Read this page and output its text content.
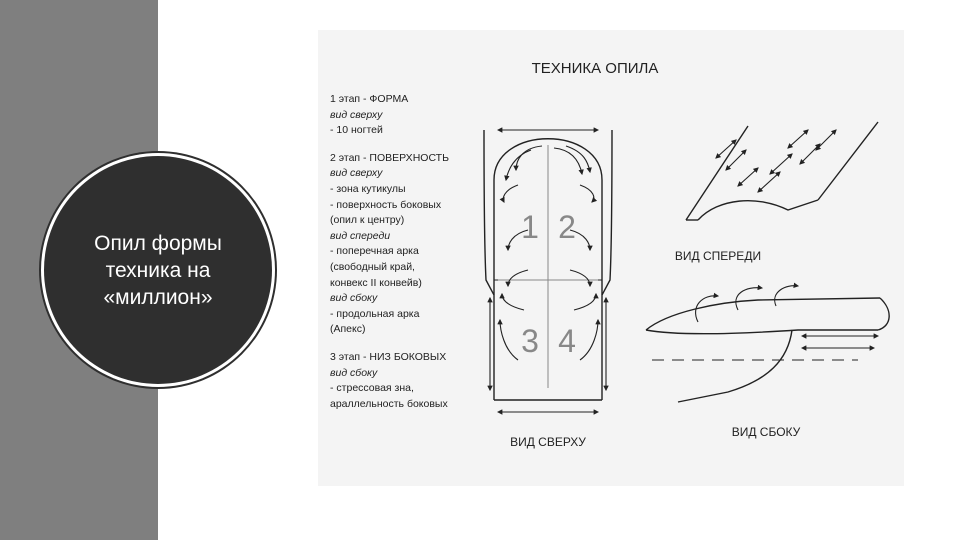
Опил формы
техника на
«миллион»
1 этап - ФОРМА
вид сверху
- 10 ногтей
2 этап - ПОВЕРХНОСТЬ
вид сверху
- зона кутикулы
- поверхность боковых
(опил к центру)
вид спереди
- поперечная арка
(свободный край,
конвекс II конвейв)
вид сбоку
- продольная арка
(Апекс)
3 этап - НИЗ БОКОВЫХ
вид сбоку
- стрессовая зна,
араллельность боковых
ТЕХНИКА ОПИЛА
1 2
3 4
ВИД СВЕРХУ
ВИД СПЕРЕДИ
ВИД СБОКУ
